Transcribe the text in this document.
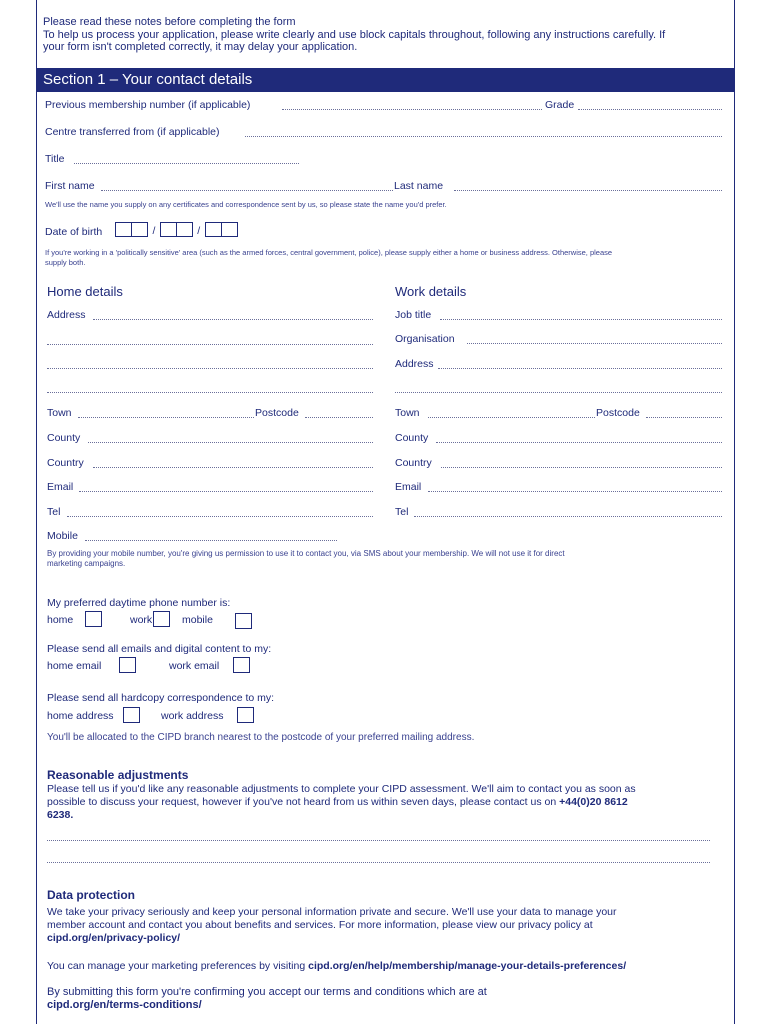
Please read these notes before completing the form
To help us process your application, please write clearly and use block capitals throughout, following any instructions carefully. If
your form isn't completed correctly, it may delay your application.
Section 1 – Your contact details
Previous membership number (if applicable)	Grade
Centre transferred from (if applicable)
Title
First name	Last name
We'll use the name you supply on any certificates and correspondence sent by us, so please state the name you'd prefer.
Date of birth	/	/
If you're working in a 'politically sensitive' area (such as the armed forces, central government, police), please supply either a home or business address. Otherwise, please
supply both.
Home details
Address
Town	Postcode
County
Country
Email
Tel
Mobile
Work details
Job title
Organisation
Address
Town	Postcode
County
Country
Email
Tel
By providing your mobile number, you're giving us permission to use it to contact you, via SMS about your membership. We will not use it for direct
marketing campaigns.
My preferred daytime phone number is:
home	work	mobile
Please send all emails and digital content to my:
home email	work email
Please send all hardcopy correspondence to my:
home address	work address
You'll be allocated to the CIPD branch nearest to the postcode of your preferred mailing address.
Reasonable adjustments
Please tell us if you'd like any reasonable adjustments to complete your CIPD assessment. We'll aim to contact you as soon as
possible to discuss your request, however if you've not heard from us within seven days, please contact us on +44(0)20 8612
6238.
Data protection
We take your privacy seriously and keep your personal information private and secure. We'll use your data to manage your
member account and contact you about benefits and services. For more information, please view our privacy policy at
cipd.org/en/privacy-policy/
You can manage your marketing preferences by visiting cipd.org/en/help/membership/manage-your-details-preferences/
By submitting this form you're confirming you accept our terms and conditions which are at
cipd.org/en/terms-conditions/
